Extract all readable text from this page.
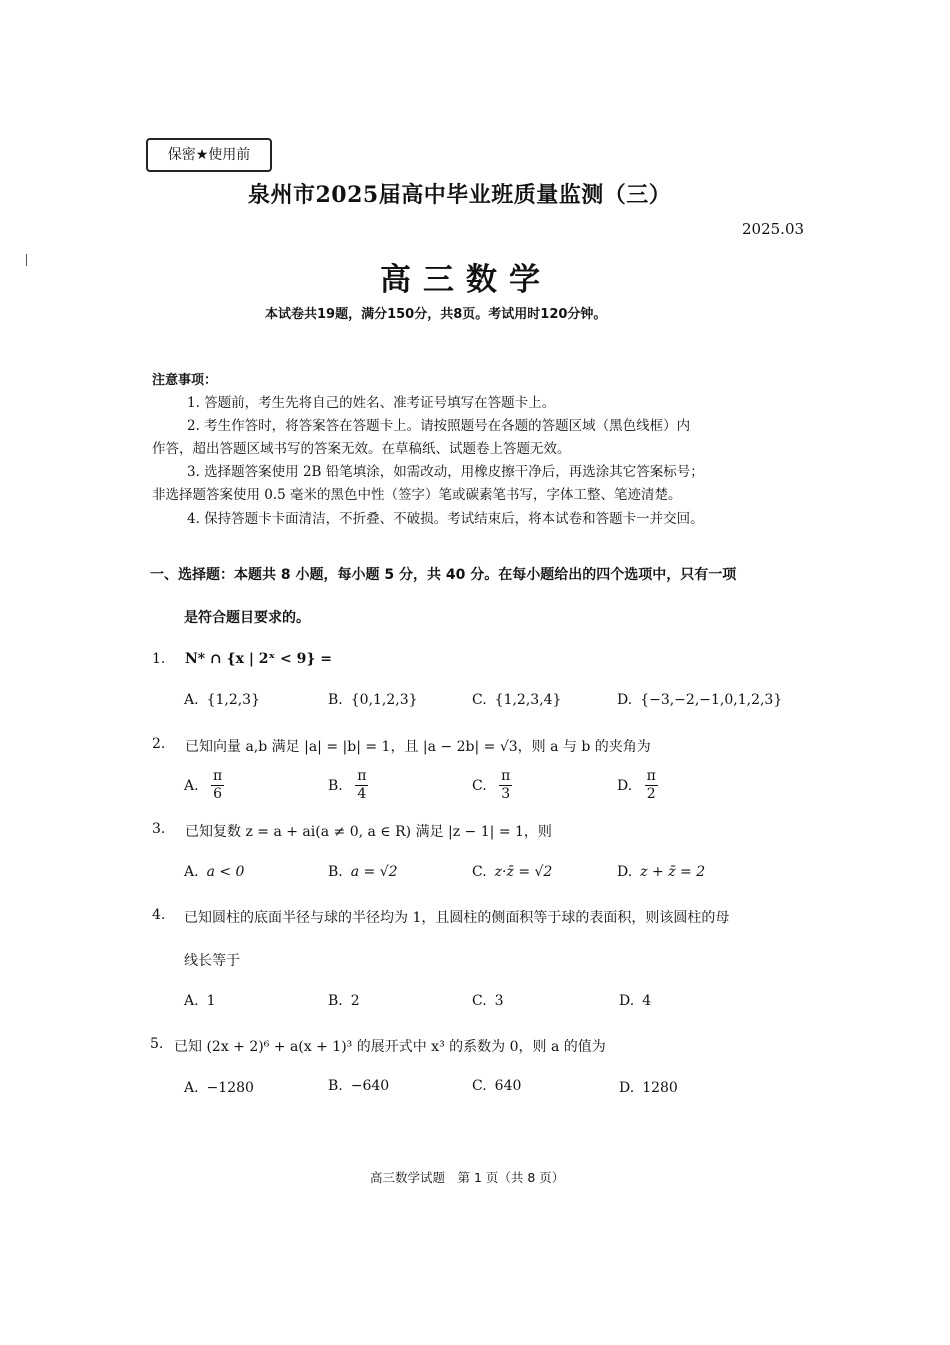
保密★使用前
泉州市2025届高中毕业班质量监测（三）
2025.03
高三数学
本试卷共19题，满分150分，共8页。考试用时120分钟。
注意事项：
1. 答题前，考生先将自己的姓名、准考证号填写在答题卡上。
2. 考生作答时，将答案答在答题卡上。请按照题号在各题的答题区域（黑色线框）内
作答，超出答题区域书写的答案无效。在草稿纸、试题卷上答题无效。
3. 选择题答案使用 2B 铅笔填涂，如需改动，用橡皮擦干净后，再选涂其它答案标号；
非选择题答案使用 0.5 毫米的黑色中性（签字）笔或碳素笔书写，字体工整、笔迹清楚。
4. 保持答题卡卡面清洁，不折叠、不破损。考试结束后，将本试卷和答题卡一并交回。
一、选择题：本题共 8 小题，每小题 5 分，共 40 分。在每小题给出的四个选项中，只有一项
是符合题目要求的。
1. N* ∩ {x | 2ˣ < 9} =
A. {1,2,3}	B. {0,1,2,3}	C. {1,2,3,4}	D. {−3,−2,−1,0,1,2,3}
2. 已知向量 a,b 满足 |a| = |b| = 1，且 |a − 2b| = √3，则 a 与 b 的夹角为
A. $\frac{\pi}{6}$	B. $\frac{\pi}{4}$	C. $\frac{\pi}{3}$	D. $\frac{\pi}{2}$
3. 已知复数 z = a + ai(a ≠ 0, a ∈ R) 满足 |z − 1| = 1，则
A. a < 0	B. a = √2	C. z·z̄ = √2	D. z + z̄ = 2
4. 已知圆柱的底面半径与球的半径均为 1，且圆柱的侧面积等于球的表面积，则该圆柱的母
线长等于
A. 1	B. 2	C. 3	D. 4
5. 已知 (2x + 2)⁶ + a(x + 1)³ 的展开式中 x³ 的系数为 0，则 a 的值为
A. −1280	B. −640	C. 640	D. 1280
高三数学试题　第 1 页（共 8 页）
